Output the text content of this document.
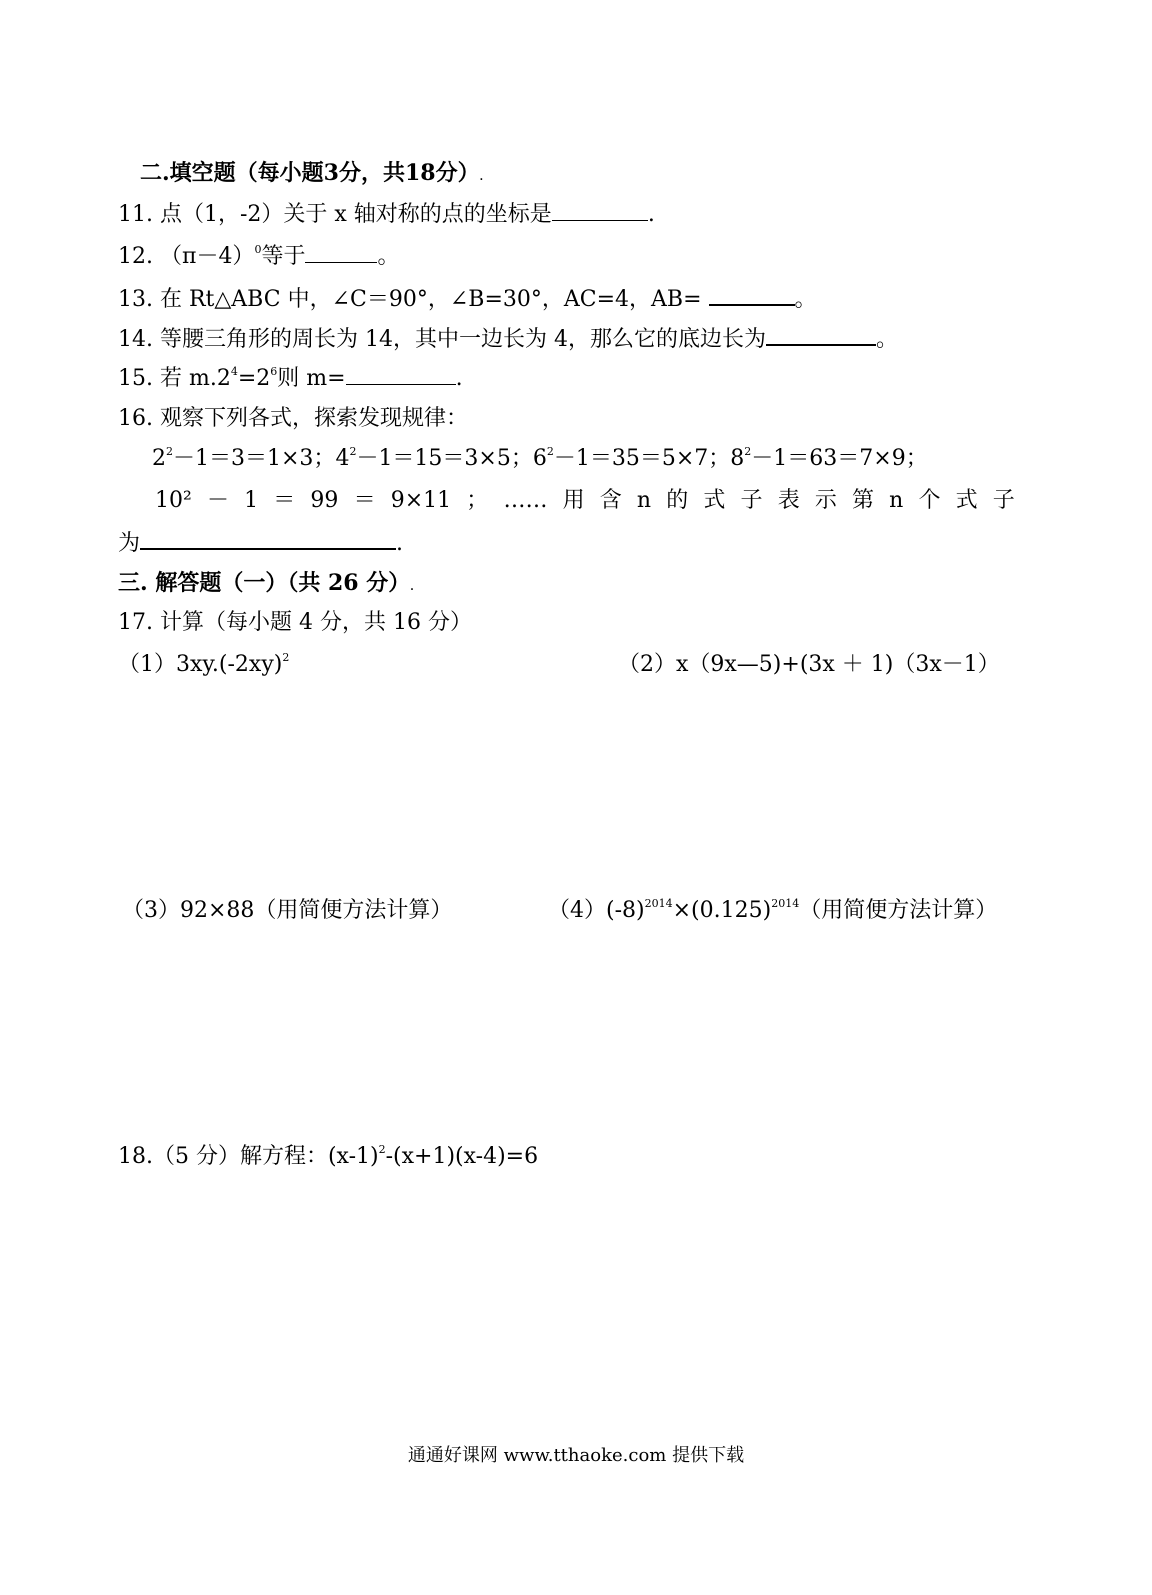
二.填空题（每小题3分，共18分）.
11. 点（1，-2）关于 x 轴对称的点的坐标是	.
12. $(\pi-4)^0$等于	。
13. 在 Rt△ABC 中，∠C＝90°，∠B=30°，AC=4，AB=	。
14. 等腰三角形的周长为 14，其中一边长为 4，那么它的底边长为	。
15. 若 $m.2^4=2^6$则 m=	.
16. 观察下列各式，探索发现规律：
$2^2-1=3=1\times 3$；$4^2-1=15=3\times 5$；$6^2-1=35=5\times 7$；$8^2-1=63=7\times 9$；
10² － 1 ＝ 99 ＝ 9×11 ； …… 用 含 n 的 式 子 表 示 第 n 个 式 子
为	.
三. 解答题（一）（共 26 分）.
17. 计算（每小题 4 分，共 16 分）
$(1)3xy.(-2xy)^2$	（2）x（9x—5)+(3x ＋ 1)（3x－1）
（3）92×88（用简便方法计算）	$(4)(-8)^{2014}\times(0.125)^{2014}$（用简便方法计算）
18.（5 分）解方程：$(x-1)^2-(x+1)(x-4)=6$
通通好课网 www.tthaoke.com 提供下载
